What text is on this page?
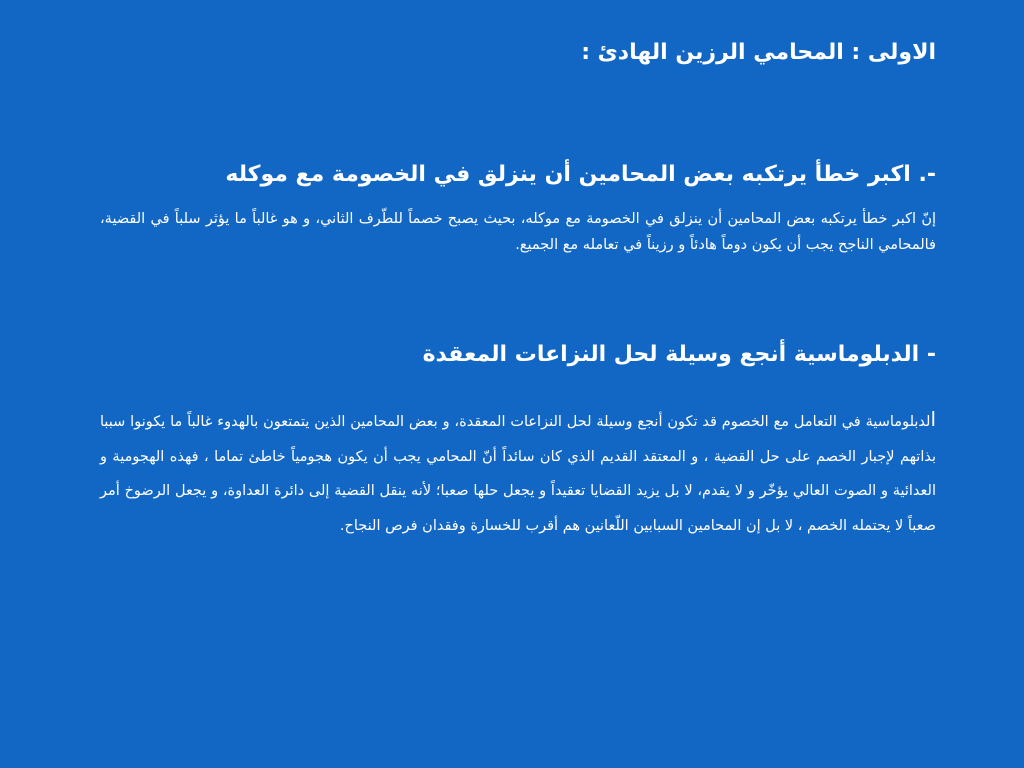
الاولى : المحامي الرزين الهادئ :
-. اكبر خطأ يرتكبه بعض المحامين أن ينزلق في الخصومة مع موكله

إنّ اكبر خطأ يرتكبه بعض المحامين أن ينزلق في الخصومة مع موكله، بحيث يصبح خصماً للطّرف الثاني، و هو غالباً ما يؤثر سلباً في القضية، فالمحامي الناجح يجب أن يكون دوماً هادئاً و رزيناً في تعامله مع الجميع.

- الدبلوماسية أنجع وسيلة لحل النزاعات المعقدة

الدبلوماسية في التعامل مع الخصوم قد تكون أنجع وسيلة لحل النزاعات المعقدة، و بعض المحامين الذين يتمتعون بالهدوء غالباً ما يكونوا سببا بذاتهم لإجبار الخصم على حل القضية ، و المعتقد القديم الذي كان سائداً أنّ المحامي يجب أن يكون هجومياً خاطئ تماما ، فهذه الهجومية و العدائية و الصوت العالي يؤخّر و لا يقدم، لا بل يزيد القضايا تعقيداً و يجعل حلها صعبا؛ لأنه ينقل القضية إلى دائرة العداوة، و يجعل الرضوخ أمر صعباً لا يحتمله الخصم ، لا بل إن المحامين السبابين اللّعانين هم أقرب للخسارة وفقدان فرص النجاح.
